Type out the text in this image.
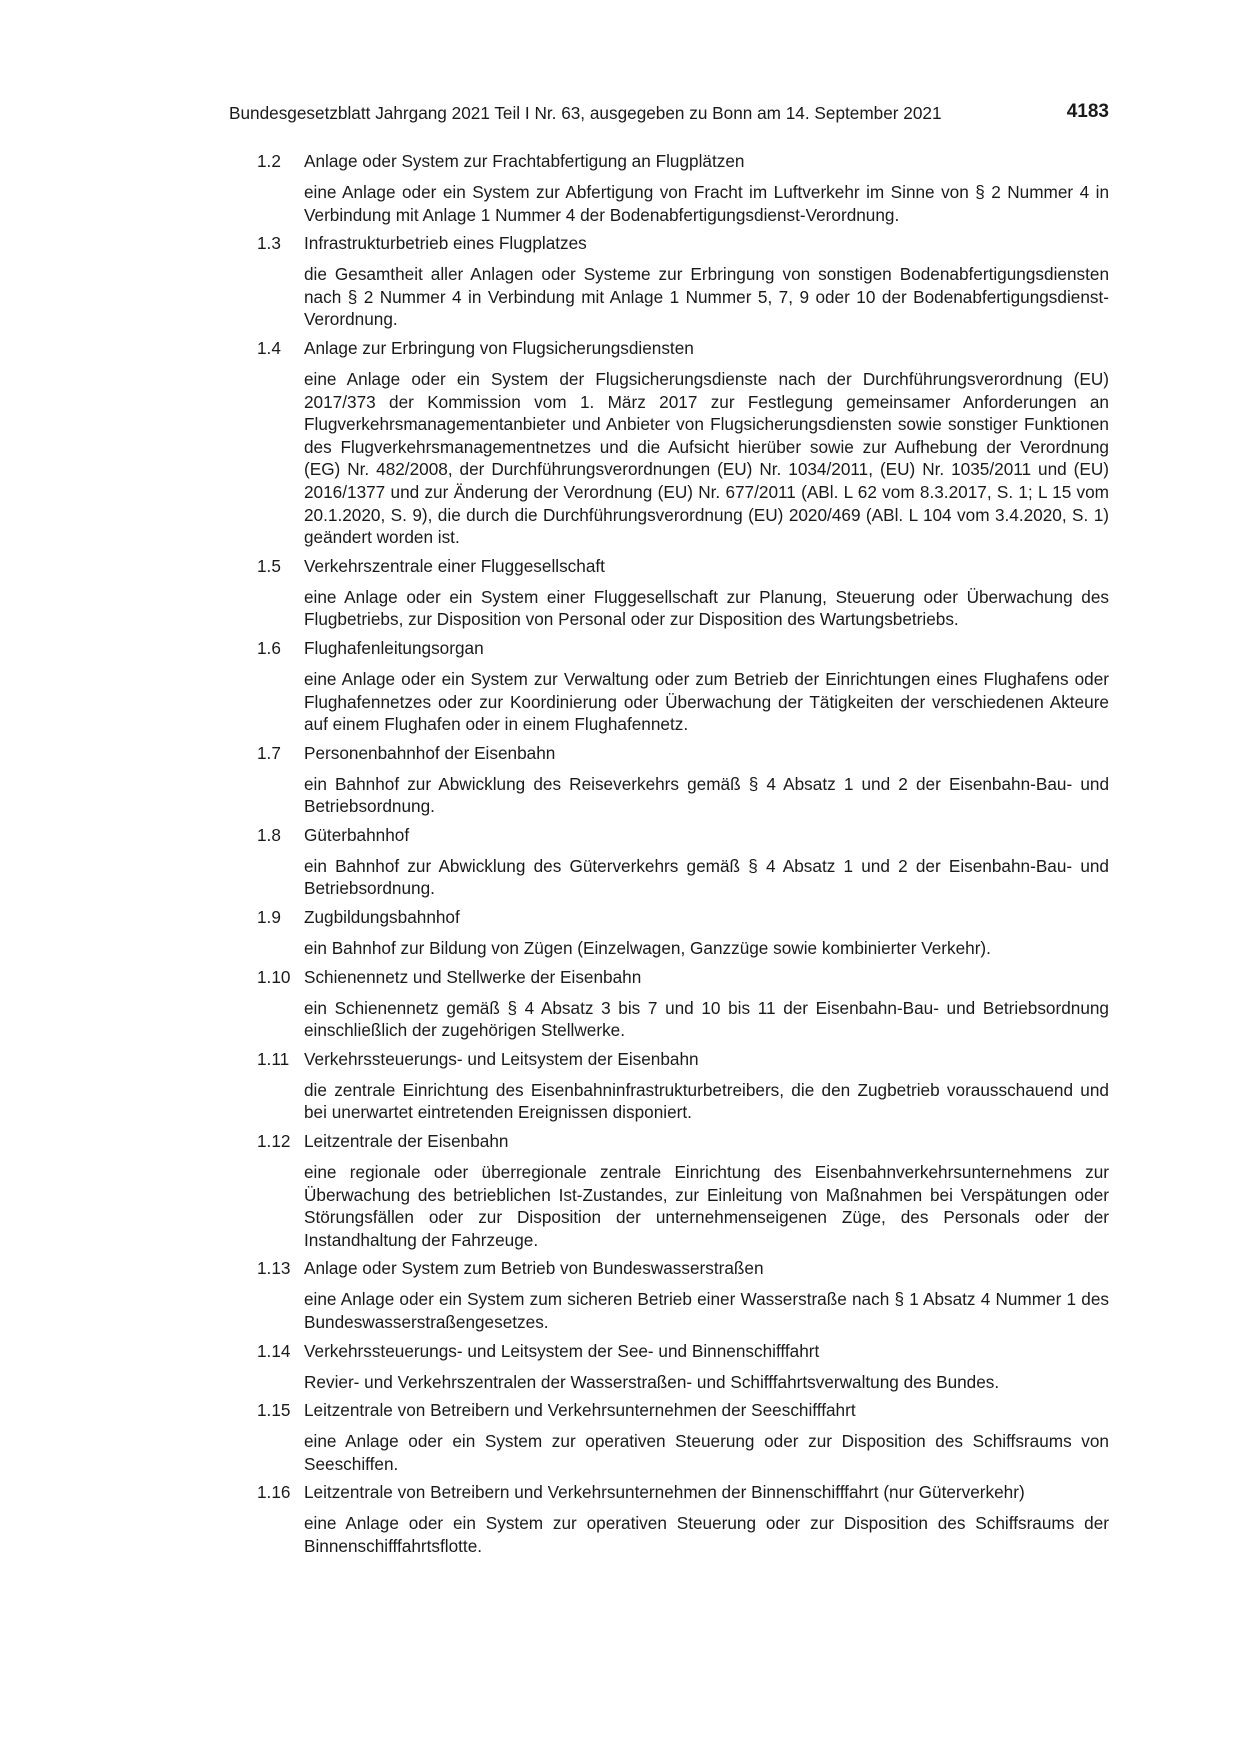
Bundesgesetzblatt Jahrgang 2021 Teil I Nr. 63, ausgegeben zu Bonn am 14. September 2021	4183
1.2	Anlage oder System zur Frachtabfertigung an Flugplätzen
eine Anlage oder ein System zur Abfertigung von Fracht im Luftverkehr im Sinne von § 2 Nummer 4 in Verbindung mit Anlage 1 Nummer 4 der Bodenabfertigungsdienst-Verordnung.
1.3	Infrastrukturbetrieb eines Flugplatzes
die Gesamtheit aller Anlagen oder Systeme zur Erbringung von sonstigen Bodenabfertigungsdiensten nach § 2 Nummer 4 in Verbindung mit Anlage 1 Nummer 5, 7, 9 oder 10 der Bodenabfertigungsdienst-Verordnung.
1.4	Anlage zur Erbringung von Flugsicherungsdiensten
eine Anlage oder ein System der Flugsicherungsdienste nach der Durchführungsverordnung (EU) 2017/373 der Kommission vom 1. März 2017 zur Festlegung gemeinsamer Anforderungen an Flugverkehrsmanagementanbieter und Anbieter von Flugsicherungsdiensten sowie sonstiger Funktionen des Flugverkehrsmanagementnetzes und die Aufsicht hierüber sowie zur Aufhebung der Verordnung (EG) Nr. 482/2008, der Durchführungsverordnungen (EU) Nr. 1034/2011, (EU) Nr. 1035/2011 und (EU) 2016/1377 und zur Änderung der Verordnung (EU) Nr. 677/2011 (ABl. L 62 vom 8.3.2017, S. 1; L 15 vom 20.1.2020, S. 9), die durch die Durchführungsverordnung (EU) 2020/469 (ABl. L 104 vom 3.4.2020, S. 1) geändert worden ist.
1.5	Verkehrszentrale einer Fluggesellschaft
eine Anlage oder ein System einer Fluggesellschaft zur Planung, Steuerung oder Überwachung des Flugbetriebs, zur Disposition von Personal oder zur Disposition des Wartungsbetriebs.
1.6	Flughafenleitungsorgan
eine Anlage oder ein System zur Verwaltung oder zum Betrieb der Einrichtungen eines Flughafens oder Flughafennetzes oder zur Koordinierung oder Überwachung der Tätigkeiten der verschiedenen Akteure auf einem Flughafen oder in einem Flughafennetz.
1.7	Personenbahnhof der Eisenbahn
ein Bahnhof zur Abwicklung des Reiseverkehrs gemäß § 4 Absatz 1 und 2 der Eisenbahn-Bau- und Betriebsordnung.
1.8	Güterbahnhof
ein Bahnhof zur Abwicklung des Güterverkehrs gemäß § 4 Absatz 1 und 2 der Eisenbahn-Bau- und Betriebsordnung.
1.9	Zugbildungsbahnhof
ein Bahnhof zur Bildung von Zügen (Einzelwagen, Ganzzüge sowie kombinierter Verkehr).
1.10 Schienennetz und Stellwerke der Eisenbahn
ein Schienennetz gemäß § 4 Absatz 3 bis 7 und 10 bis 11 der Eisenbahn-Bau- und Betriebsordnung einschließlich der zugehörigen Stellwerke.
1.11 Verkehrssteuerungs- und Leitsystem der Eisenbahn
die zentrale Einrichtung des Eisenbahninfrastrukturbetreibers, die den Zugbetrieb vorausschauend und bei unerwartet eintretenden Ereignissen disponiert.
1.12 Leitzentrale der Eisenbahn
eine regionale oder überregionale zentrale Einrichtung des Eisenbahnverkehrsunternehmens zur Überwachung des betrieblichen Ist-Zustandes, zur Einleitung von Maßnahmen bei Verspätungen oder Störungsfällen oder zur Disposition der unternehmenseigenen Züge, des Personals oder der Instandhaltung der Fahrzeuge.
1.13 Anlage oder System zum Betrieb von Bundeswasserstraßen
eine Anlage oder ein System zum sicheren Betrieb einer Wasserstraße nach § 1 Absatz 4 Nummer 1 des Bundeswasserstraßengesetzes.
1.14 Verkehrssteuerungs- und Leitsystem der See- und Binnenschifffahrt
Revier- und Verkehrszentralen der Wasserstraßen- und Schifffahrtsverwaltung des Bundes.
1.15 Leitzentrale von Betreibern und Verkehrsunternehmen der Seeschifffahrt
eine Anlage oder ein System zur operativen Steuerung oder zur Disposition des Schiffsraums von Seeschiffen.
1.16 Leitzentrale von Betreibern und Verkehrsunternehmen der Binnenschifffahrt (nur Güterverkehr)
eine Anlage oder ein System zur operativen Steuerung oder zur Disposition des Schiffsraums der Binnenschifffahrtsflotte.
